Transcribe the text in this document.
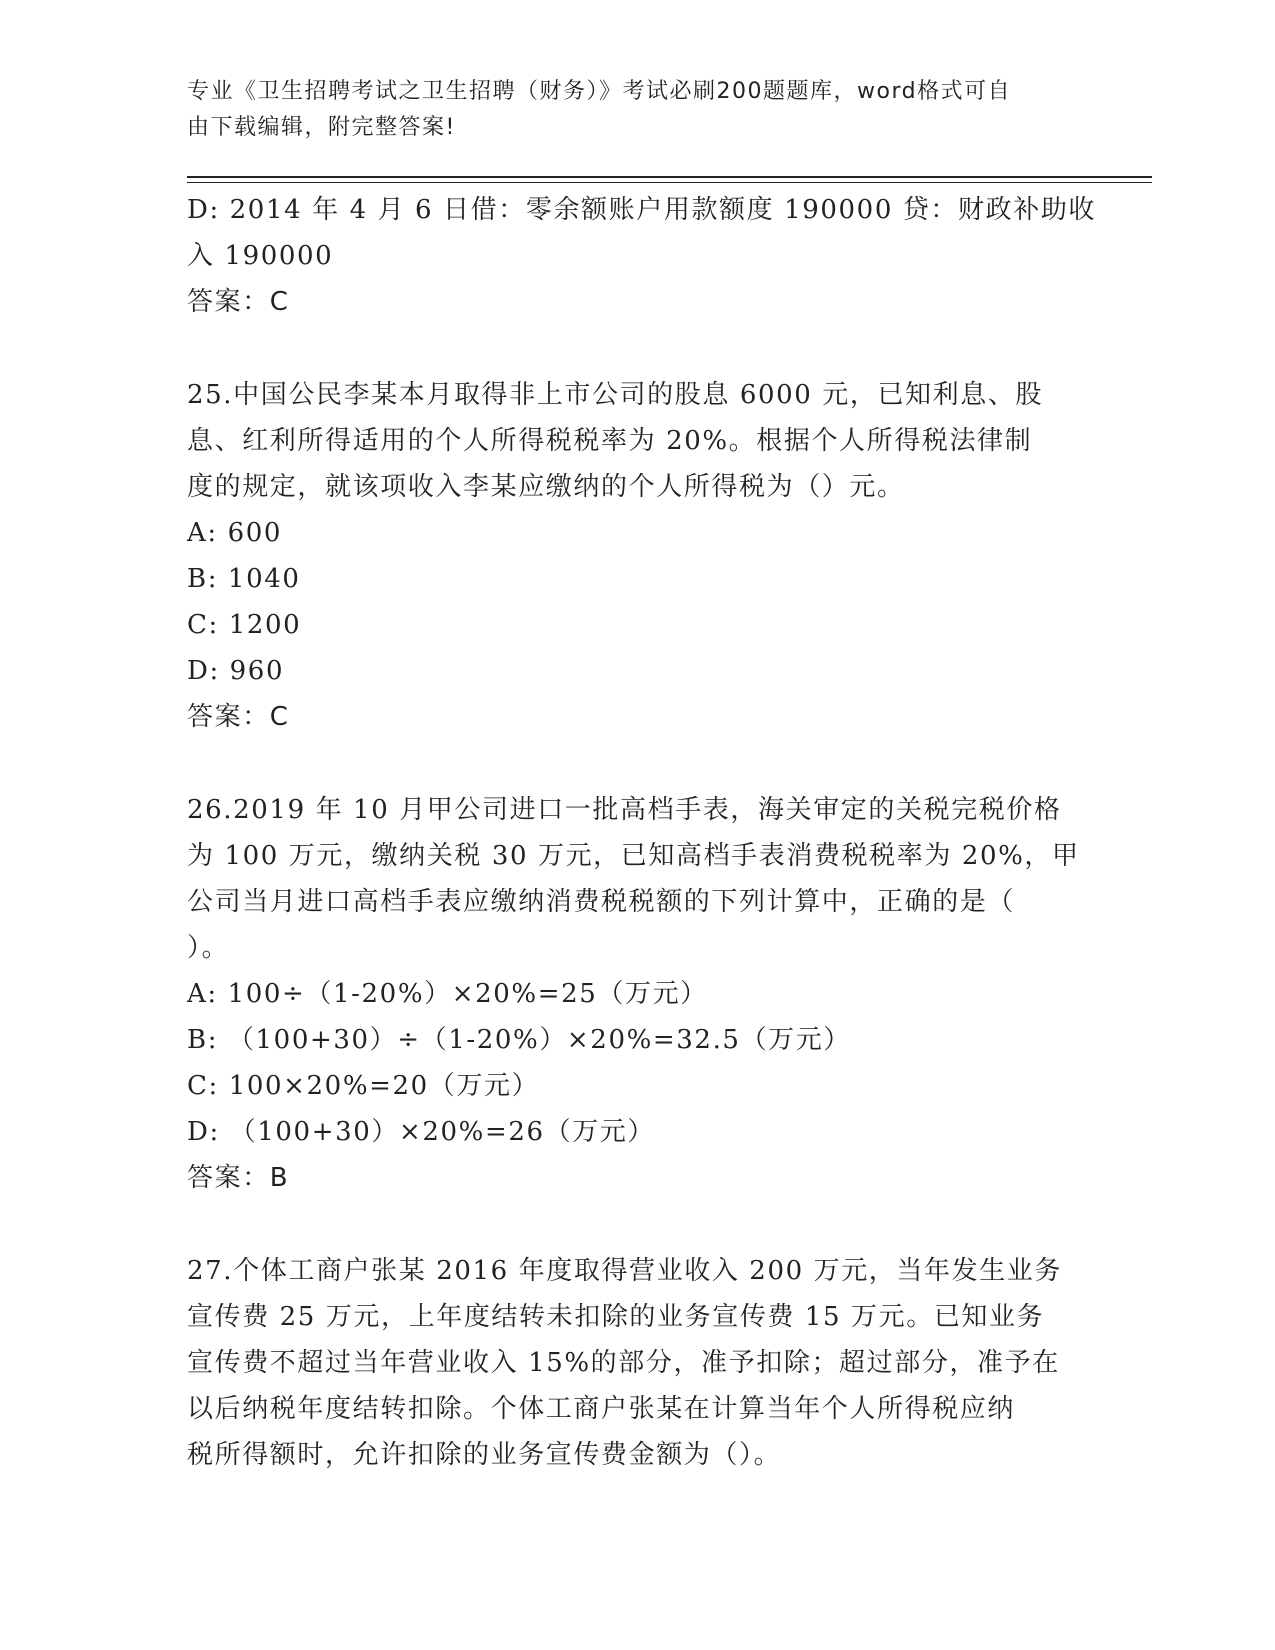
专业《卫生招聘考试之卫生招聘（财务）》考试必刷200题题库，word格式可自

由下载编辑，附完整答案!

D: 2014 年 4 月 6 日借：零余额账户用款额度 190000 贷：财政补助收
入 190000
答案：C
25.中国公民李某本月取得非上市公司的股息 6000 元，已知利息、股
息、红利所得适用的个人所得税税率为 20%。根据个人所得税法律制
度的规定，就该项收入李某应缴纳的个人所得税为（）元。
A: 600
B: 1040
C: 1200
D: 960
答案：C
26.2019 年 10 月甲公司进口一批高档手表，海关审定的关税完税价格
为 100 万元，缴纳关税 30 万元，已知高档手表消费税税率为 20%，甲
公司当月进口高档手表应缴纳消费税税额的下列计算中，正确的是（
）。
A: 100÷（1-20%）×20%=25（万元）
B: （100+30）÷（1-20%）×20%=32.5（万元）
C: 100×20%=20（万元）
D: （100+30）×20%=26（万元）
答案：B
27.个体工商户张某 2016 年度取得营业收入 200 万元，当年发生业务
宣传费 25 万元，上年度结转未扣除的业务宣传费 15 万元。已知业务
宣传费不超过当年营业收入 15%的部分，准予扣除；超过部分，准予在
以后纳税年度结转扣除。个体工商户张某在计算当年个人所得税应纳
税所得额时，允许扣除的业务宣传费金额为（）。
